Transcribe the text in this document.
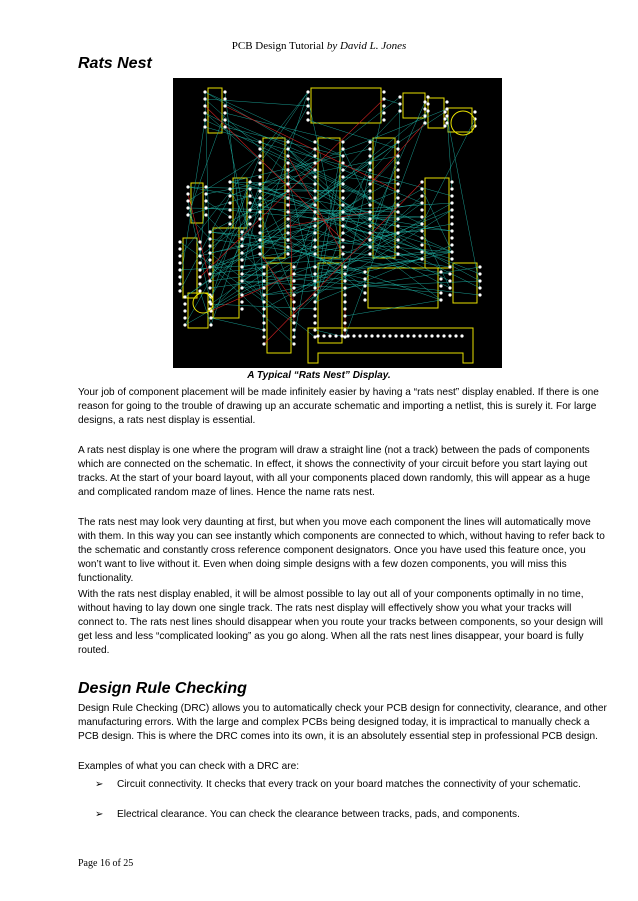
PCB Design Tutorial by David L. Jones
Rats Nest
A Typical “Rats Nest” Display.

Your job of component placement will be made infinitely easier by having a “rats nest” display enabled. If there is one reason for going to the trouble of drawing up an accurate schematic and importing a netlist, this is surely it. For large designs, a rats nest display is essential.

A rats nest display is one where the program will draw a straight line (not a track) between the pads of components which are connected on the schematic. In effect, it shows the connectivity of your circuit before you start laying out tracks. At the start of your board layout, with all your components placed down randomly, this will appear as a huge and complicated random maze of lines. Hence the name rats nest.

The rats nest may look very daunting at first, but when you move each component the lines will automatically move with them. In this way you can see instantly which components are connected to which, without having to refer back to the schematic and constantly cross reference component designators. Once you have used this feature once, you won’t want to live without it. Even when doing simple designs with a few dozen components, you will miss this functionality.

With the rats nest display enabled, it will be almost possible to lay out all of your components optimally in no time, without having to lay down one single track. The rats nest display will effectively show you what your tracks will connect to. The rats nest lines should disappear when you route your tracks between components, so your design will get less and less “complicated looking” as you go along. When all the rats nest lines disappear, your board is fully routed.

Design Rule Checking

Design Rule Checking (DRC) allows you to automatically check your PCB design for connectivity, clearance, and other manufacturing errors. With the large and complex PCBs being designed today, it is impractical to manually check a PCB design. This is where the DRC comes into its own, it is an absolutely essential step in professional PCB design.

Examples of what you can check with a DRC are:

➢ Circuit connectivity. It checks that every track on your board matches the connectivity of your schematic.
➢ Electrical clearance. You can check the clearance between tracks, pads, and components.
Page 16 of 25
